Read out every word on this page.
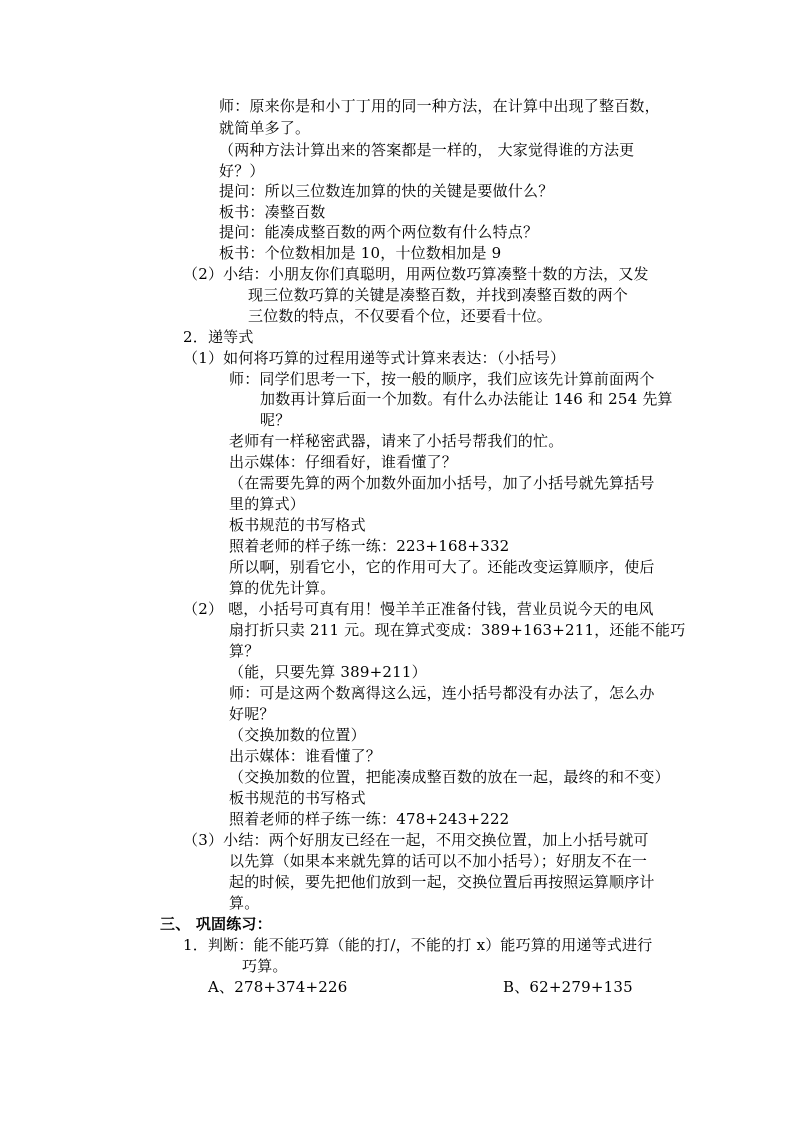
师：原来你是和小丁丁用的同一种方法，在计算中出现了整百数，
就简单多了。
（两种方法计算出来的答案都是一样的， 大家觉得谁的方法更
好？）
提问：所以三位数连加算的快的关键是要做什么？
板书：凑整百数
提问：能凑成整百数的两个两位数有什么特点？
板书：个位数相加是 10，十位数相加是 9
（2）小结：小朋友你们真聪明，用两位数巧算凑整十数的方法，又发
现三位数巧算的关键是凑整百数，并找到凑整百数的两个
三位数的特点，不仅要看个位，还要看十位。
2．递等式
（1）如何将巧算的过程用递等式计算来表达：（小括号）
师：同学们思考一下，按一般的顺序，我们应该先计算前面两个
加数再计算后面一个加数。有什么办法能让 146 和 254 先算
呢？
老师有一样秘密武器，请来了小括号帮我们的忙。
出示媒体：仔细看好，谁看懂了？
（在需要先算的两个加数外面加小括号，加了小括号就先算括号
里的算式）
板书规范的书写格式
照着老师的样子练一练：223+168+332
所以啊，别看它小，它的作用可大了。还能改变运算顺序，使后
算的优先计算。
（2） 嗯，小括号可真有用！慢羊羊正准备付钱，营业员说今天的电风
扇打折只卖 211 元。现在算式变成：389+163+211，还能不能巧
算？
（能，只要先算 389+211）
师：可是这两个数离得这么远，连小括号都没有办法了，怎么办
好呢？
（交换加数的位置）
出示媒体：谁看懂了？
（交换加数的位置，把能凑成整百数的放在一起，最终的和不变）
板书规范的书写格式
照着老师的样子练一练：478+243+222
（3）小结：两个好朋友已经在一起，不用交换位置，加上小括号就可
以先算（如果本来就先算的话可以不加小括号）；好朋友不在一
起的时候，要先把他们放到一起，交换位置后再按照运算顺序计
算。
三、 巩固练习：
1．判断：能不能巧算（能的打/，不能的打 x）能巧算的用递等式进行
巧算。
A、278+374+226	B、62+279+135
